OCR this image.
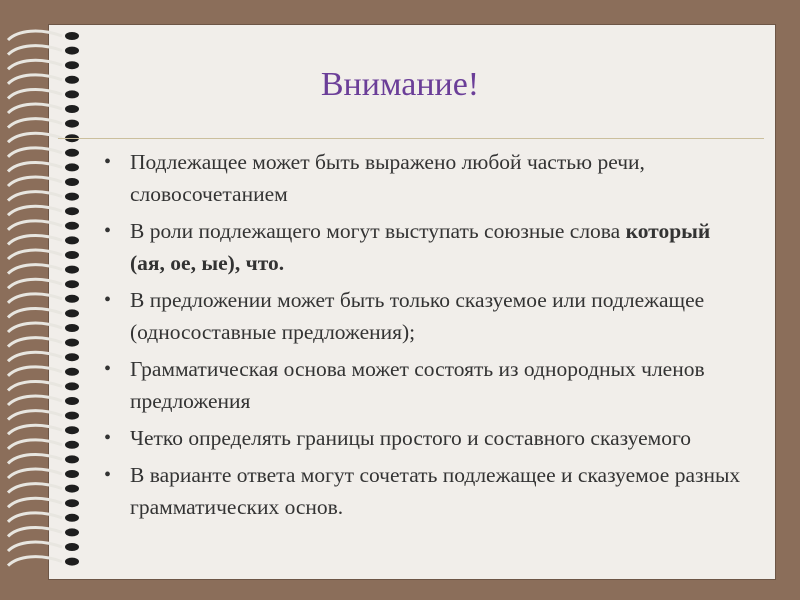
Внимание!
• Подлежащее может быть выражено любой частью речи, словосочетанием
• В роли подлежащего могут выступать союзные слова который (ая, ое, ые), что.
• В предложении может быть только сказуемое или подлежащее (односоставные предложения);
• Грамматическая основа может состоять из однородных членов предложения
• Четко определять границы простого и составного сказуемого
• В варианте ответа могут сочетать подлежащее и сказуемое разных грамматических основ.
